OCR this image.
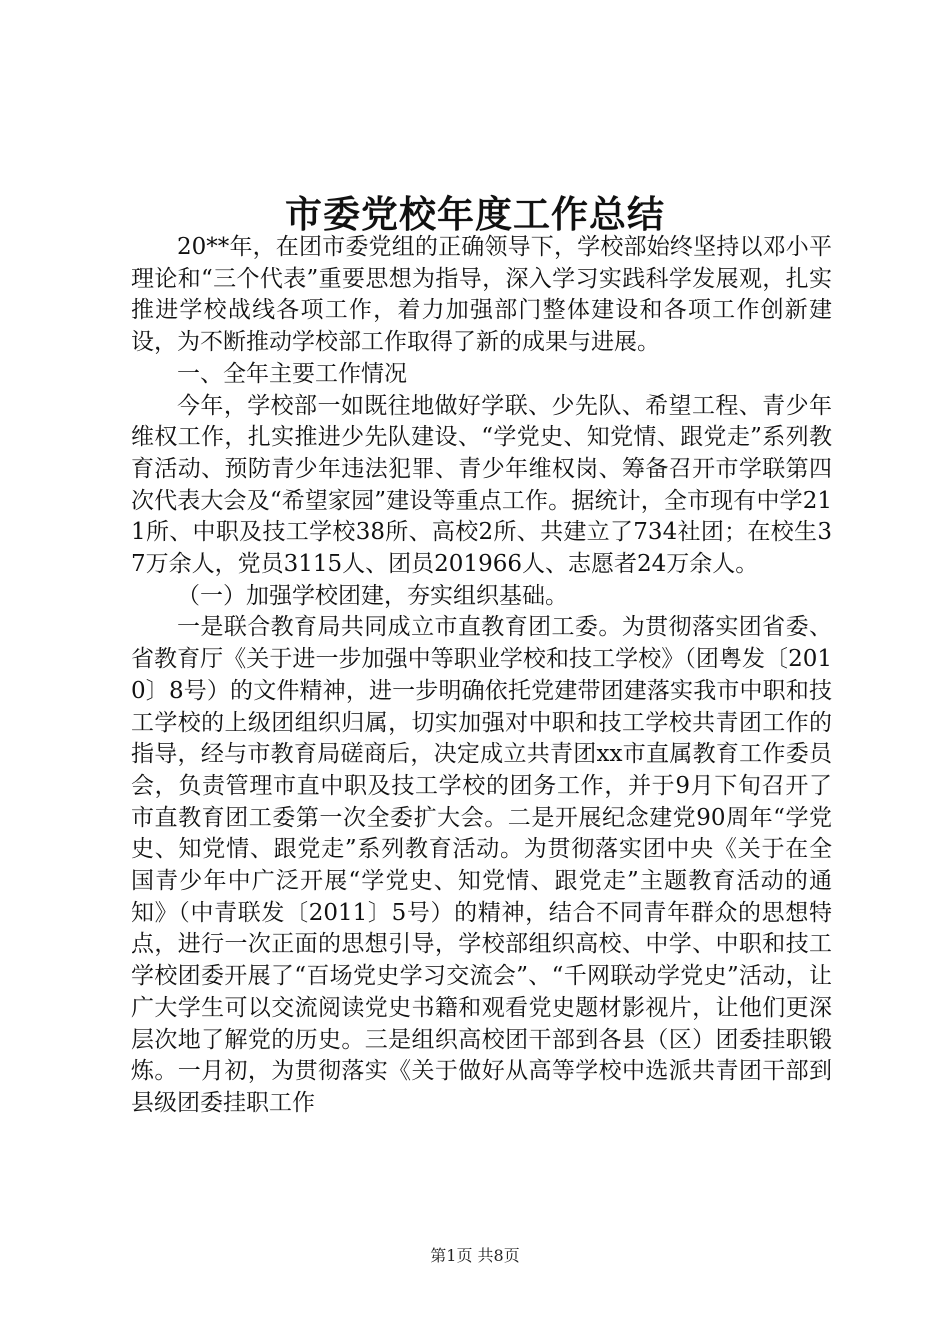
市委党校年度工作总结

20**年，在团市委党组的正确领导下，学校部始终坚持以邓小平理论和“三个代表”重要思想为指导，深入学习实践科学发展观，扎实推进学校战线各项工作，着力加强部门整体建设和各项工作创新建设，为不断推动学校部工作取得了新的成果与进展。

一、全年主要工作情况

今年，学校部一如既往地做好学联、少先队、希望工程、青少年维权工作，扎实推进少先队建设、“学党史、知党情、跟党走”系列教育活动、预防青少年违法犯罪、青少年维权岗、筹备召开市学联第四次代表大会及“希望家园”建设等重点工作。据统计，全市现有中学211所、中职及技工学校38所、高校2所、共建立了734社团；在校生37万余人，党员3115人、团员201966人、志愿者24万余人。

（一）加强学校团建，夯实组织基础。

一是联合教育局共同成立市直教育团工委。为贯彻落实团省委、省教育厅《关于进一步加强中等职业学校和技工学校》（团粤发〔2010〕8号）的文件精神，进一步明确依托党建带团建落实我市中职和技工学校的上级团组织归属，切实加强对中职和技工学校共青团工作的指导，经与市教育局磋商后，决定成立共青团xx市直属教育工作委员会，负责管理市直中职及技工学校的团务工作，并于9月下旬召开了市直教育团工委第一次全委扩大会。二是开展纪念建党90周年“学党史、知党情、跟党走”系列教育活动。为贯彻落实团中央《关于在全国青少年中广泛开展“学党史、知党情、跟党走”主题教育活动的通知》（中青联发〔2011〕5号）的精神，结合不同青年群众的思想特点，进行一次正面的思想引导，学校部组织高校、中学、中职和技工学校团委开展了“百场党史学习交流会”、“千网联动学党史”活动，让广大学生可以交流阅读党史书籍和观看党史题材影视片，让他们更深层次地了解党的历史。三是组织高校团干部到各县（区）团委挂职锻炼。一月初，为贯彻落实《关于做好从高等学校中选派共青团干部到县级团委挂职工作

第1页 共8页
